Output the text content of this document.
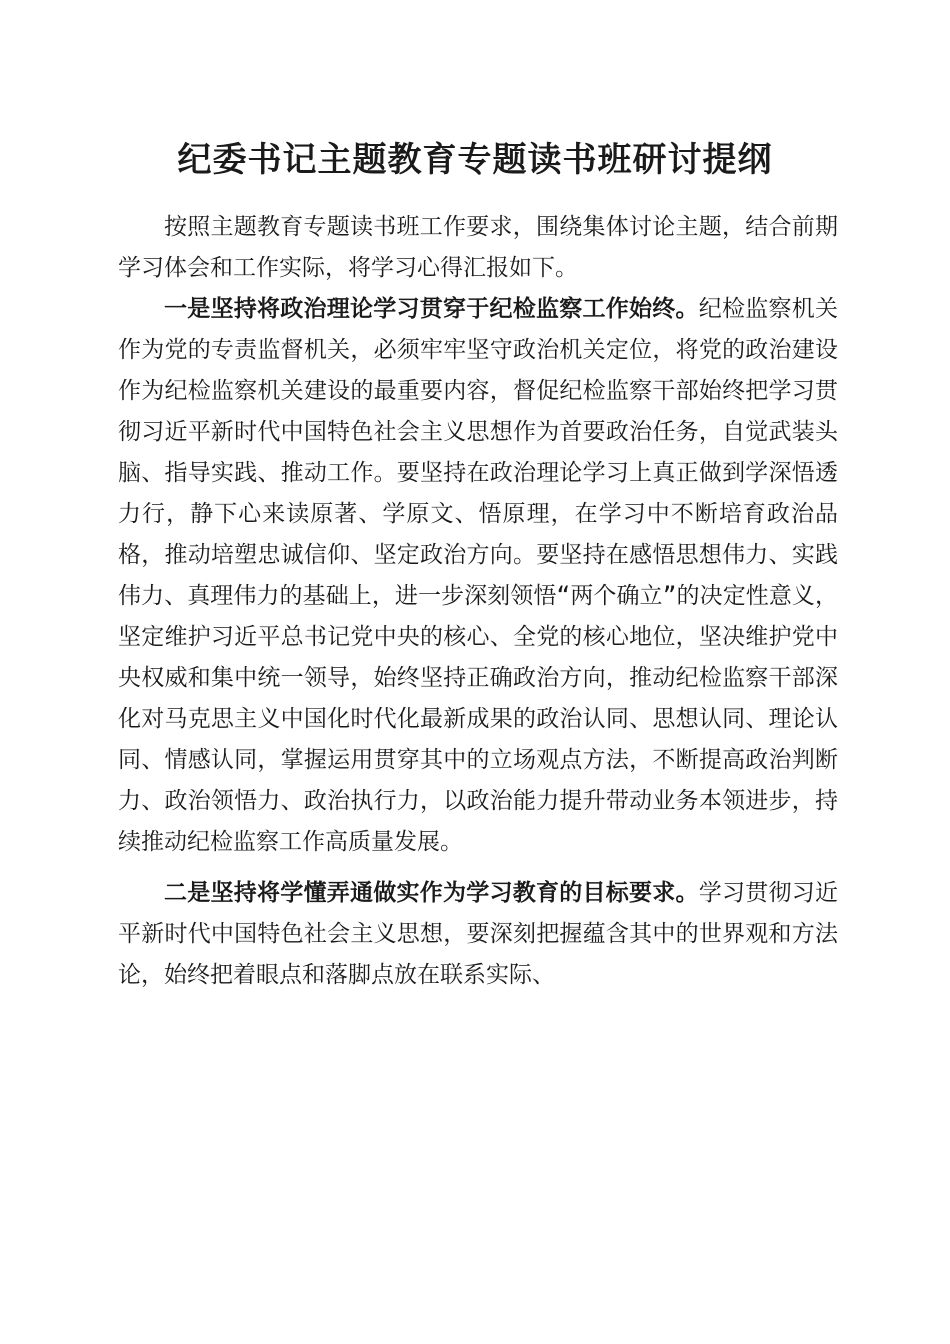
纪委书记主题教育专题读书班研讨提纲

按照主题教育专题读书班工作要求，围绕集体讨论主题，结合前期学习体会和工作实际，将学习心得汇报如下。

一是坚持将政治理论学习贯穿于纪检监察工作始终。纪检监察机关作为党的专责监督机关，必须牢牢坚守政治机关定位，将党的政治建设作为纪检监察机关建设的最重要内容，督促纪检监察干部始终把学习贯彻习近平新时代中国特色社会主义思想作为首要政治任务，自觉武装头脑、指导实践、推动工作。要坚持在政治理论学习上真正做到学深悟透力行，静下心来读原著、学原文、悟原理，在学习中不断培育政治品格，推动培塑忠诚信仰、坚定政治方向。要坚持在感悟思想伟力、实践伟力、真理伟力的基础上，进一步深刻领悟“两个确立”的决定性意义，坚定维护习近平总书记党中央的核心、全党的核心地位，坚决维护党中央权威和集中统一领导，始终坚持正确政治方向，推动纪检监察干部深化对马克思主义中国化时代化最新成果的政治认同、思想认同、理论认同、情感认同，掌握运用贯穿其中的立场观点方法，不断提高政治判断力、政治领悟力、政治执行力，以政治能力提升带动业务本领进步，持续推动纪检监察工作高质量发展。

二是坚持将学懂弄通做实作为学习教育的目标要求。学习贯彻习近平新时代中国特色社会主义思想，要深刻把握蕴含其中的世界观和方法论，始终把着眼点和落脚点放在联系实际、
